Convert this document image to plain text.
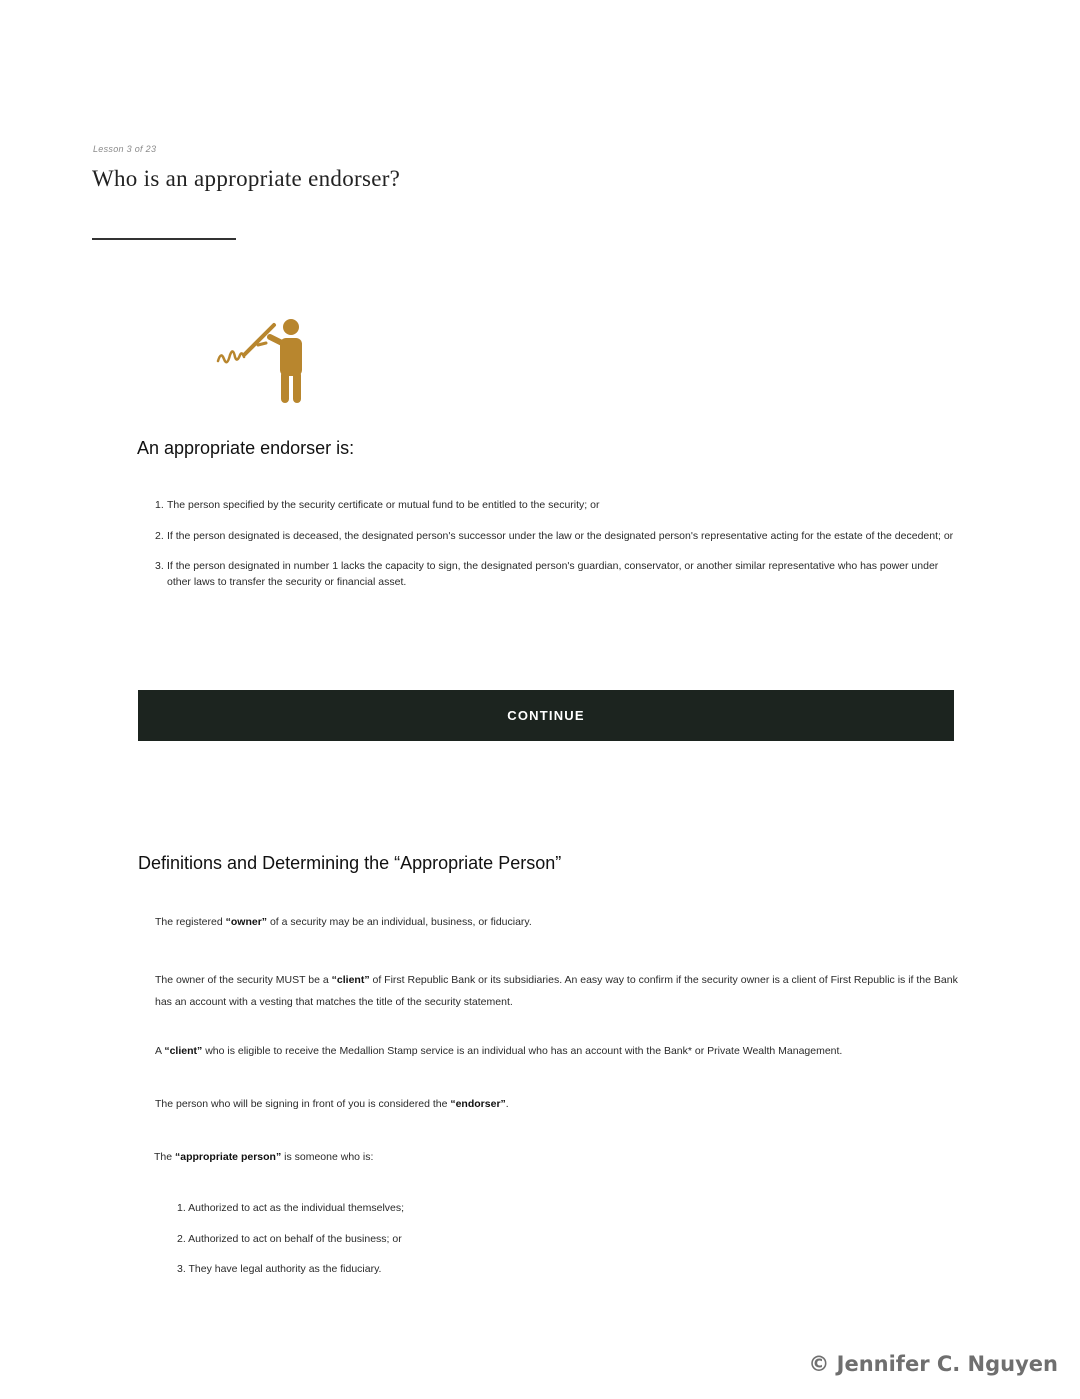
Lesson 3 of 23
Who is an appropriate endorser?
An appropriate endorser is:
1. The person specified by the security certificate or mutual fund to be entitled to the security; or
2. If the person designated is deceased, the designated person's successor under the law or the designated person's representative acting for the estate of the decedent; or
3. If the person designated in number 1 lacks the capacity to sign, the designated person's guardian, conservator, or another similar representative who has power under other laws to transfer the security or financial asset.
CONTINUE
Definitions and Determining the “Appropriate Person”
The registered “owner” of a security may be an individual, business, or fiduciary.
The owner of the security MUST be a “client” of First Republic Bank or its subsidiaries. An easy way to confirm if the security owner is a client of First Republic is if the Bank has an account with a vesting that matches the title of the security statement.
A “client” who is eligible to receive the Medallion Stamp service is an individual who has an account with the Bank* or Private Wealth Management.
The person who will be signing in front of you is considered the “endorser”.
The “appropriate person” is someone who is:
1. Authorized to act as the individual themselves;
2. Authorized to act on behalf of the business; or
3. They have legal authority as the fiduciary.
© Jennifer C. Nguyen
